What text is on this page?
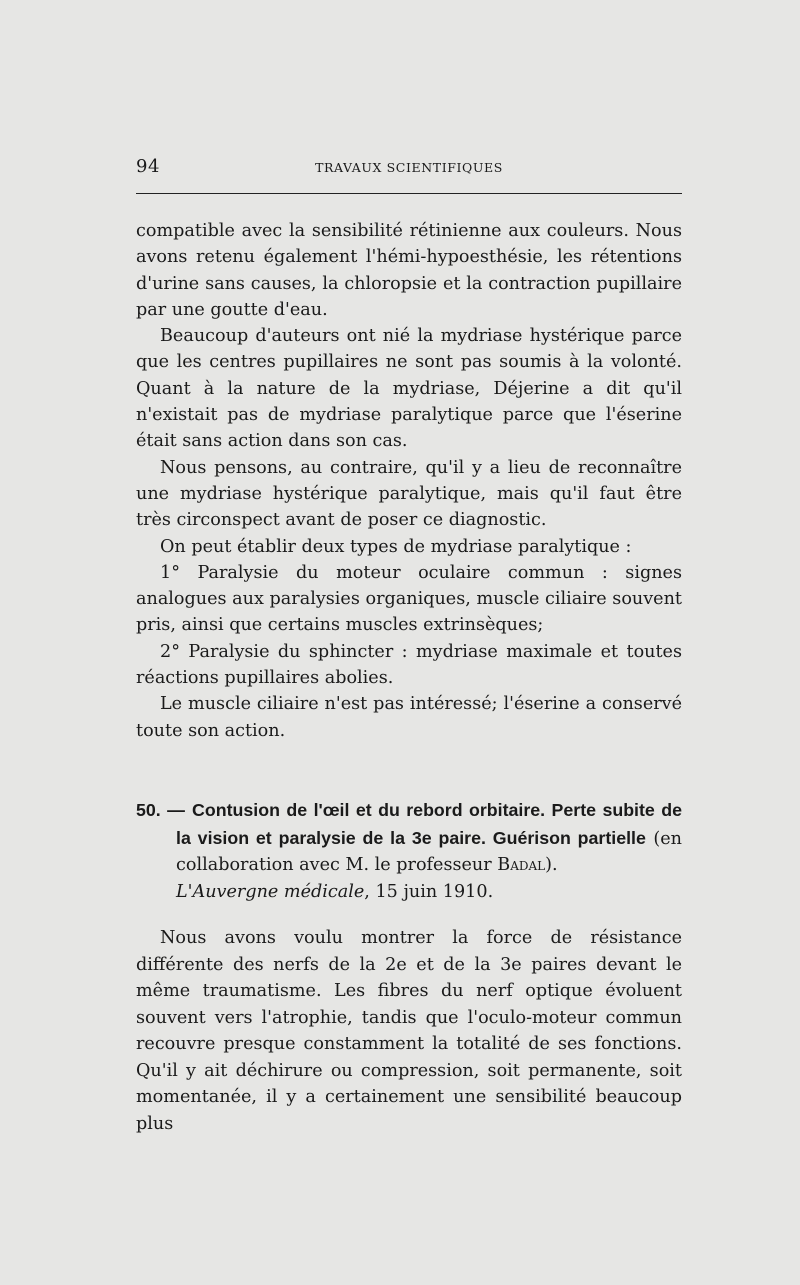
94	TRAVAUX SCIENTIFIQUES

compatible avec la sensibilité rétinienne aux couleurs. Nous avons retenu également l'hémi-hypoesthésie, les rétentions d'urine sans causes, la chloropsie et la contraction pupillaire par une goutte d'eau.

Beaucoup d'auteurs ont nié la mydriase hystérique parce que les centres pupillaires ne sont pas soumis à la volonté. Quant à la nature de la mydriase, Déjerine a dit qu'il n'existait pas de mydriase paralytique parce que l'éserine était sans action dans son cas.

Nous pensons, au contraire, qu'il y a lieu de reconnaître une mydriase hystérique paralytique, mais qu'il faut être très circonspect avant de poser ce diagnostic.

On peut établir deux types de mydriase paralytique :

1° Paralysie du moteur oculaire commun : signes analogues aux paralysies organiques, muscle ciliaire souvent pris, ainsi que certains muscles extrinsèques;

2° Paralysie du sphincter : mydriase maximale et toutes réactions pupillaires abolies.

Le muscle ciliaire n'est pas intéressé; l'éserine a conservé toute son action.

50. — Contusion de l'œil et du rebord orbitaire. Perte subite de la vision et paralysie de la 3e paire. Guérison partielle (en collaboration avec M. le professeur Badal).

L'Auvergne médicale, 15 juin 1910.

Nous avons voulu montrer la force de résistance différente des nerfs de la 2e et de la 3e paires devant le même traumatisme. Les fibres du nerf optique évoluent souvent vers l'atrophie, tandis que l'oculo-moteur commun recouvre presque constamment la totalité de ses fonctions. Qu'il y ait déchirure ou compression, soit permanente, soit momentanée, il y a certainement une sensibilité beaucoup plus
